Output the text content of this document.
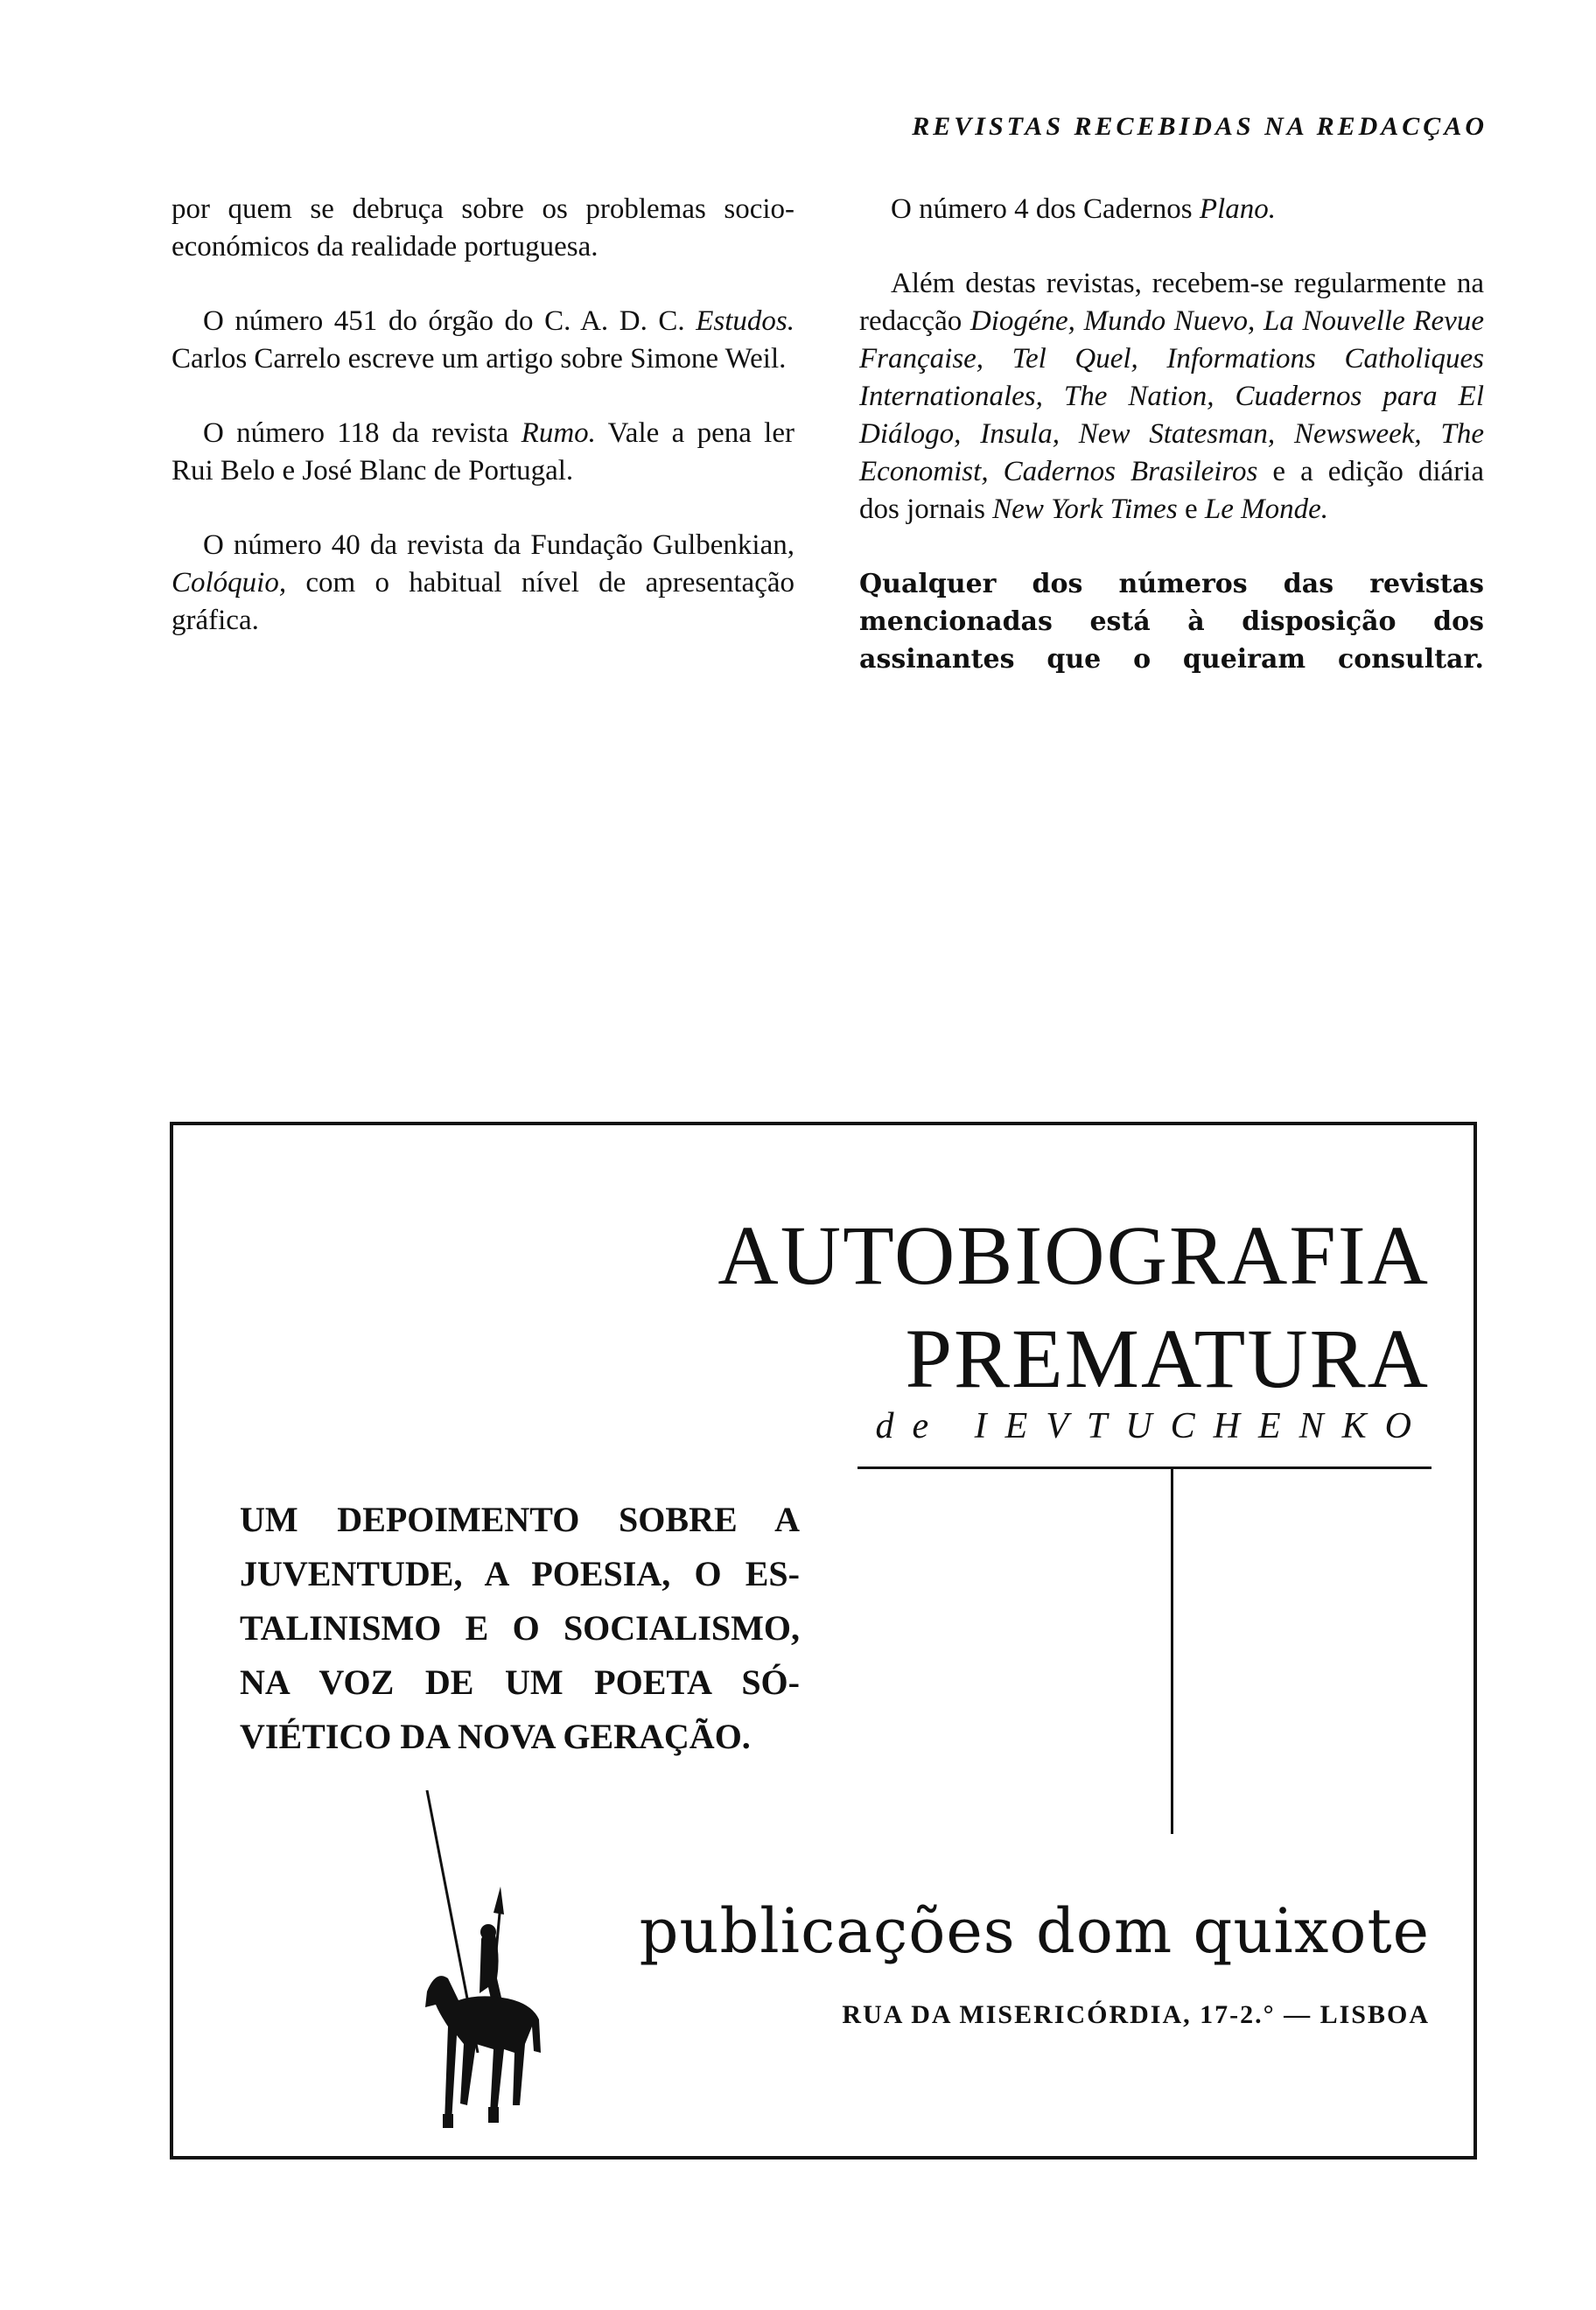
REVISTAS RECEBIDAS NA REDACÇAO

por quem se debruça sobre os problemas socio-económicos da realidade portuguesa.

O número 451 do órgão do C. A. D. C. Estudos. Carlos Carrelo escreve um artigo sobre Simone Weil.

O número 118 da revista Rumo. Vale a pena ler Rui Belo e José Blanc de Portugal.

O número 40 da revista da Fundação Gulbenkian, Colóquio, com o habitual nível de apresentação gráfica.

O número 4 dos Cadernos Plano.

Além destas revistas, recebem-se regularmente na redacção Diogéne, Mundo Nuevo, La Nouvelle Revue Française, Tel Quel, Informations Catholiques Internationales, The Nation, Cuadernos para El Diálogo, Insula, New Statesman, Newsweek, The Economist, Cadernos Brasileiros e a edição diária dos jornais New York Times e Le Monde.

Qualquer dos números das revistas
mencionadas está à disposição dos
assinantes que o queiram consultar.
AUTOBIOGRAFIA
PREMATURA
de IEVTUCHENKO
UM DEPOIMENTO SOBRE A
JUVENTUDE, A POESIA, O ES-
TALINISMO E O SOCIALISMO,
NA VOZ DE UM POETA SÓ-
VIÉTICO DA NOVA GERAÇÃO.
publicações dom quixote
RUA DA MISERICÓRDIA, 17-2.° — LISBOA
